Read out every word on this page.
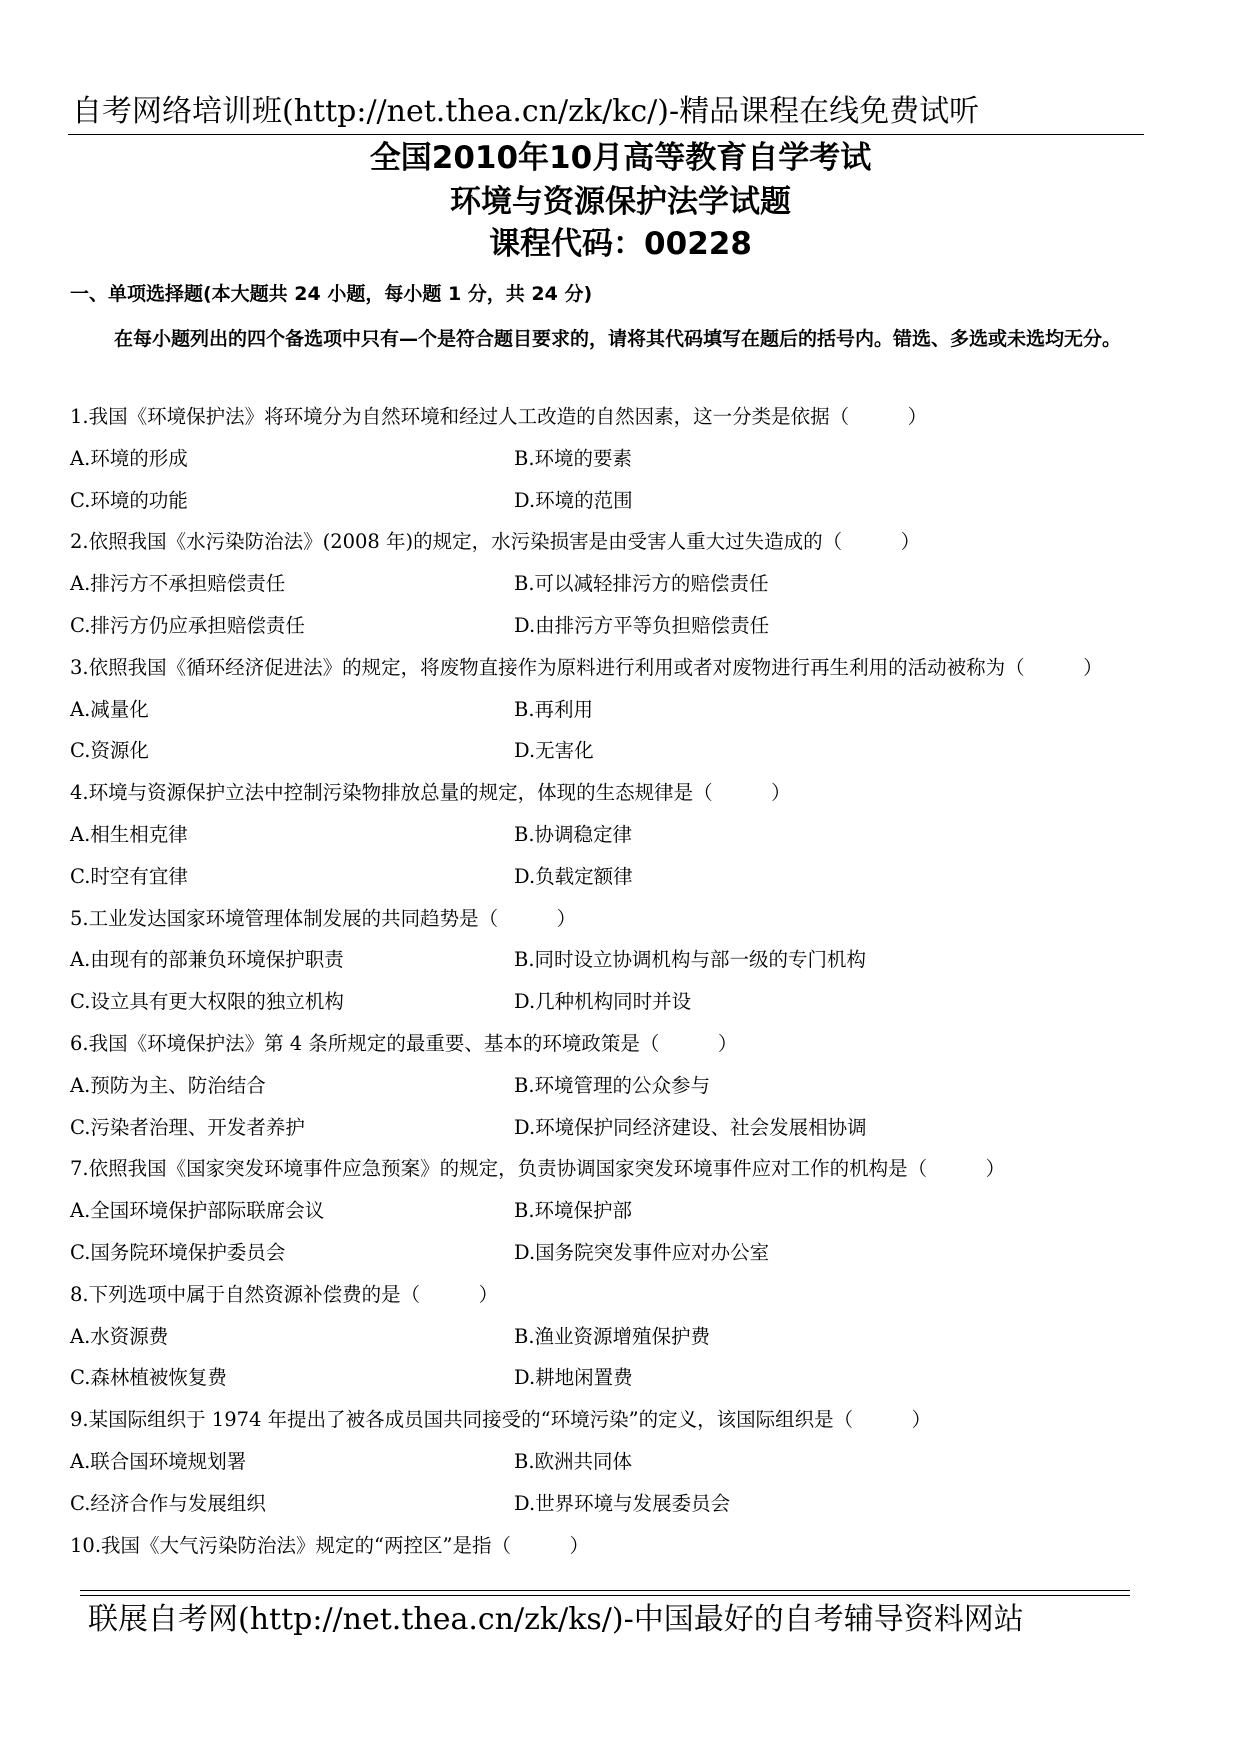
自考网络培训班(http://net.thea.cn/zk/kc/)-精品课程在线免费试听
全国2010年10月高等教育自学考试
环境与资源保护法学试题
课程代码：00228
一、单项选择题(本大题共 24 小题，每小题 1 分，共 24 分)
在每小题列出的四个备选项中只有—个是符合题目要求的，请将其代码填写在题后的括号内。错选、多选或未选均无分。
1.我国《环境保护法》将环境分为自然环境和经过人工改造的自然因素，这一分类是依据（　　　）
A.环境的形成	B.环境的要素
C.环境的功能	D.环境的范围
2.依照我国《水污染防治法》(2008 年)的规定，水污染损害是由受害人重大过失造成的（　　　）
A.排污方不承担赔偿责任	B.可以减轻排污方的赔偿责任
C.排污方仍应承担赔偿责任	D.由排污方平等负担赔偿责任
3.依照我国《循环经济促进法》的规定，将废物直接作为原料进行利用或者对废物进行再生利用的活动被称为（　　　）
A.减量化	B.再利用
C.资源化	D.无害化
4.环境与资源保护立法中控制污染物排放总量的规定，体现的生态规律是（　　　）
A.相生相克律	B.协调稳定律
C.时空有宜律	D.负载定额律
5.工业发达国家环境管理体制发展的共同趋势是（　　　）
A.由现有的部兼负环境保护职责	B.同时设立协调机构与部一级的专门机构
C.设立具有更大权限的独立机构	D.几种机构同时并设
6.我国《环境保护法》第 4 条所规定的最重要、基本的环境政策是（　　　）
A.预防为主、防治结合	B.环境管理的公众参与
C.污染者治理、开发者养护	D.环境保护同经济建设、社会发展相协调
7.依照我国《国家突发环境事件应急预案》的规定，负责协调国家突发环境事件应对工作的机构是（　　　）
A.全国环境保护部际联席会议	B.环境保护部
C.国务院环境保护委员会	D.国务院突发事件应对办公室
8.下列选项中属于自然资源补偿费的是（　　　）
A.水资源费	B.渔业资源增殖保护费
C.森林植被恢复费	D.耕地闲置费
9.某国际组织于 1974 年提出了被各成员国共同接受的“环境污染”的定义，该国际组织是（　　　）
A.联合国环境规划署	B.欧洲共同体
C.经济合作与发展组织	D.世界环境与发展委员会
10.我国《大气污染防治法》规定的“两控区”是指（　　　）
联展自考网(http://net.thea.cn/zk/ks/)-中国最好的自考辅导资料网站
